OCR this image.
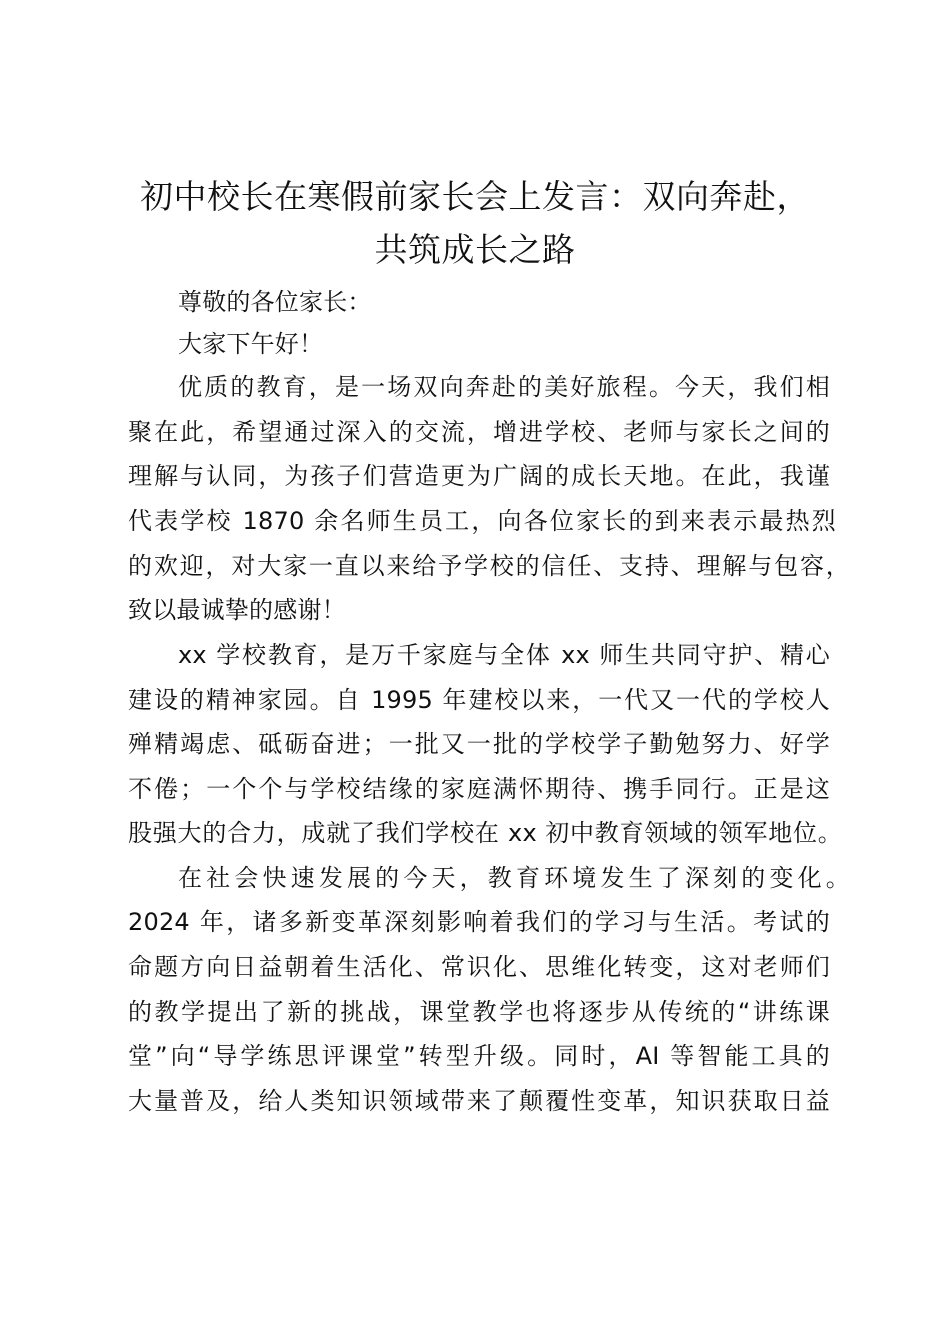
初中校长在寒假前家长会上发言：双向奔赴，
共筑成长之路
尊敬的各位家长：
大家下午好！
优质的教育，是一场双向奔赴的美好旅程。今天，我们相
聚在此，希望通过深入的交流，增进学校、老师与家长之间的
理解与认同，为孩子们营造更为广阔的成长天地。在此，我谨
代表学校 1870 余名师生员工，向各位家长的到来表示最热烈
的欢迎，对大家一直以来给予学校的信任、支持、理解与包容，
致以最诚挚的感谢！
xx 学校教育，是万千家庭与全体 xx 师生共同守护、精心
建设的精神家园。自 1995 年建校以来，一代又一代的学校人
殚精竭虑、砥砺奋进；一批又一批的学校学子勤勉努力、好学
不倦；一个个与学校结缘的家庭满怀期待、携手同行。正是这
股强大的合力，成就了我们学校在 xx 初中教育领域的领军地位。
在社会快速发展的今天，教育环境发生了深刻的变化。
2024 年，诸多新变革深刻影响着我们的学习与生活。考试的
命题方向日益朝着生活化、常识化、思维化转变，这对老师们
的教学提出了新的挑战，课堂教学也将逐步从传统的“讲练课
堂”向“导学练思评课堂”转型升级。同时，AI 等智能工具的
大量普及，给人类知识领域带来了颠覆性变革，知识获取日益
